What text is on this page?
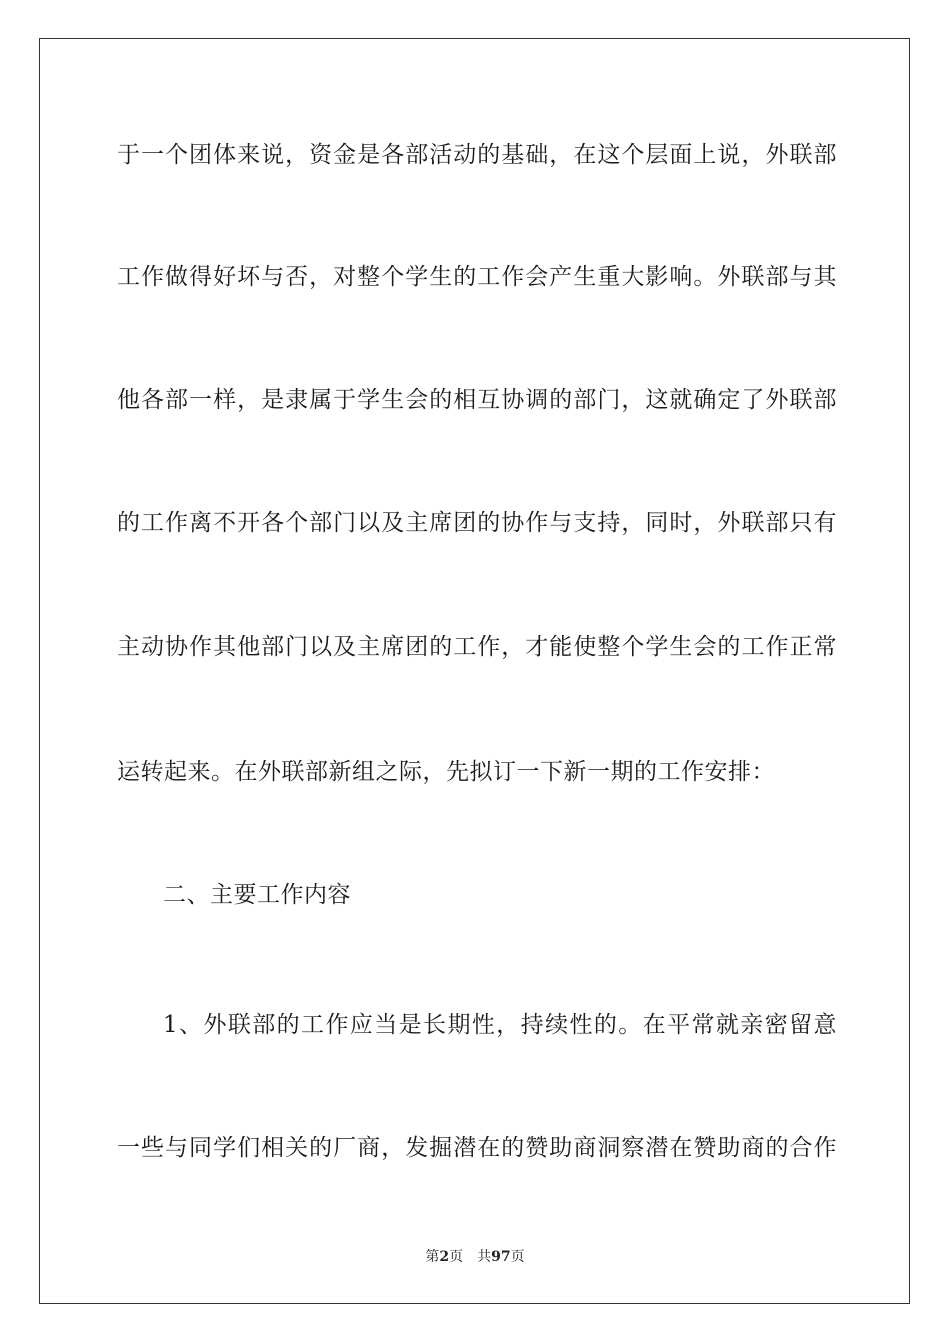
于一个团体来说，资金是各部活动的基础，在这个层面上说，外联部
工作做得好坏与否，对整个学生的工作会产生重大影响。外联部与其
他各部一样，是隶属于学生会的相互协调的部门，这就确定了外联部
的工作离不开各个部门以及主席团的协作与支持，同时，外联部只有
主动协作其他部门以及主席团的工作，才能使整个学生会的工作正常
运转起来。在外联部新组之际，先拟订一下新一期的工作安排：
二、主要工作内容
1、外联部的工作应当是长期性，持续性的。在平常就亲密留意
一些与同学们相关的厂商，发掘潜在的赞助商洞察潜在赞助商的合作
第2页 共97页
